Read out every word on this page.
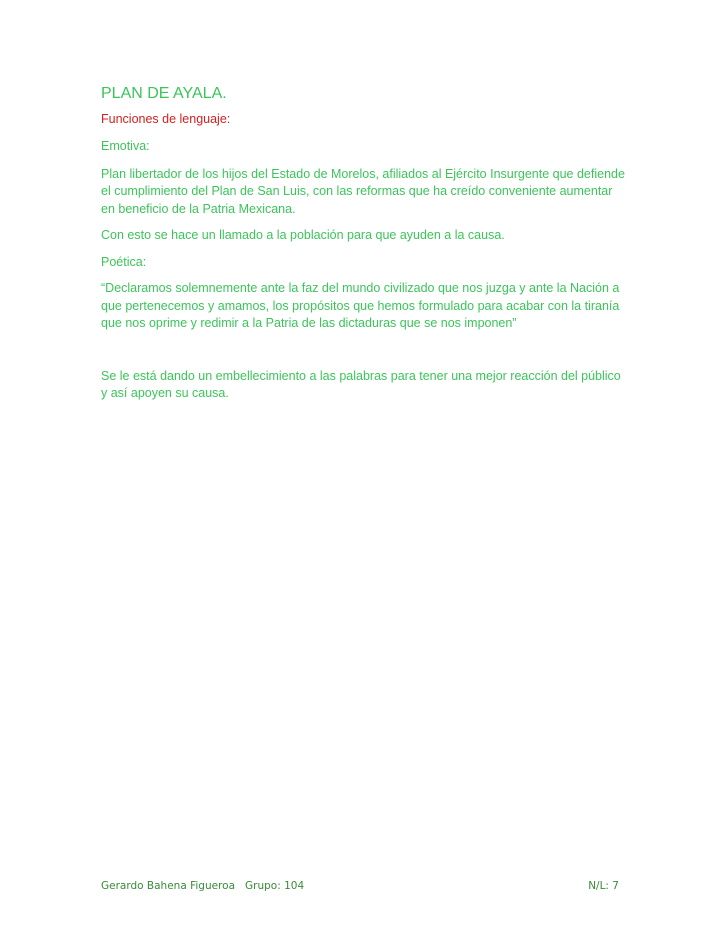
PLAN DE AYALA.

Funciones de lenguaje:

Emotiva:

Plan libertador de los hijos del Estado de Morelos, afiliados al Ejército Insurgente que defiende el cumplimiento del Plan de San Luis, con las reformas que ha creído conveniente aumentar en beneficio de la Patria Mexicana.

Con esto se hace un llamado a la población para que ayuden a la causa.

Poética:

“Declaramos solemnemente ante la faz del mundo civilizado que nos juzga y ante la Nación a que pertenecemos y amamos, los propósitos que hemos formulado para acabar con la tiranía que nos oprime y redimir a la Patria de las dictaduras que se nos imponen”

Se le está dando un embellecimiento a las palabras para tener una mejor reacción del público y así apoyen su causa.

Gerardo Bahena Figueroa   Grupo: 104	N/L: 7
